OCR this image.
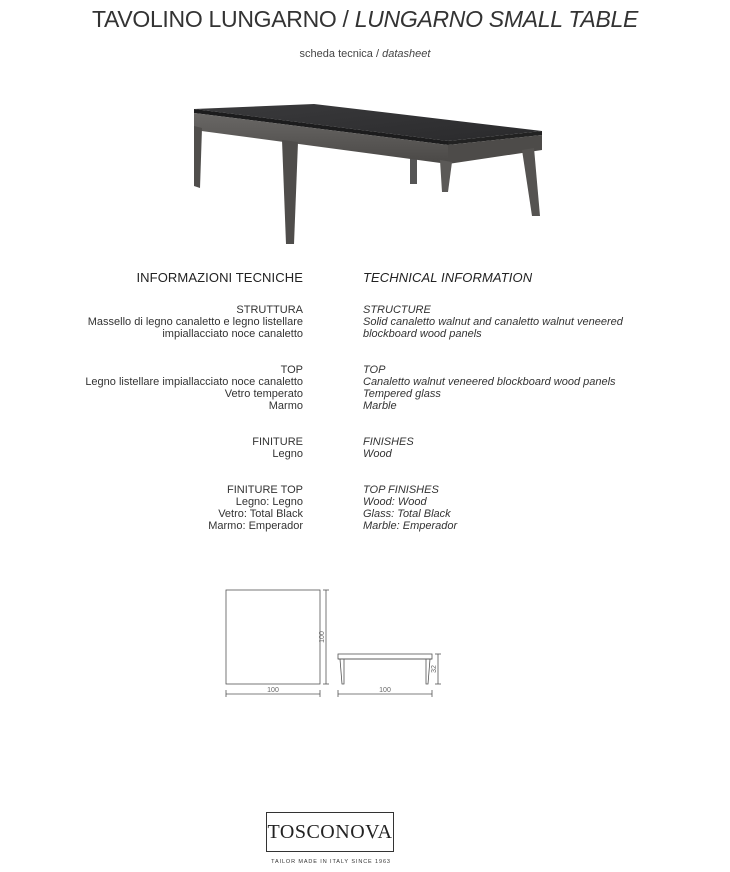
TAVOLINO LUNGARNO / LUNGARNO SMALL TABLE
scheda tecnica / datasheet
INFORMAZIONI TECNICHE	TECHNICAL INFORMATION
STRUTTURA
Massello di legno canaletto e legno listellare
impiallacciato noce canaletto
STRUCTURE
Solid canaletto walnut and canaletto walnut veneered
blockboard wood panels
TOP
Legno listellare impiallacciato noce canaletto
Vetro temperato
Marmo
TOP
Canaletto walnut veneered blockboard wood panels
Tempered glass
Marble
FINITURE
Legno
FINISHES
Wood
FINITURE TOP
Legno: Legno
Vetro: Total Black
Marmo: Emperador
TOP FINISHES
Wood: Wood
Glass: Total Black
Marble: Emperador
100
100
100
32
TOSCONOVA
TAILOR MADE IN ITALY SINCE 1963
